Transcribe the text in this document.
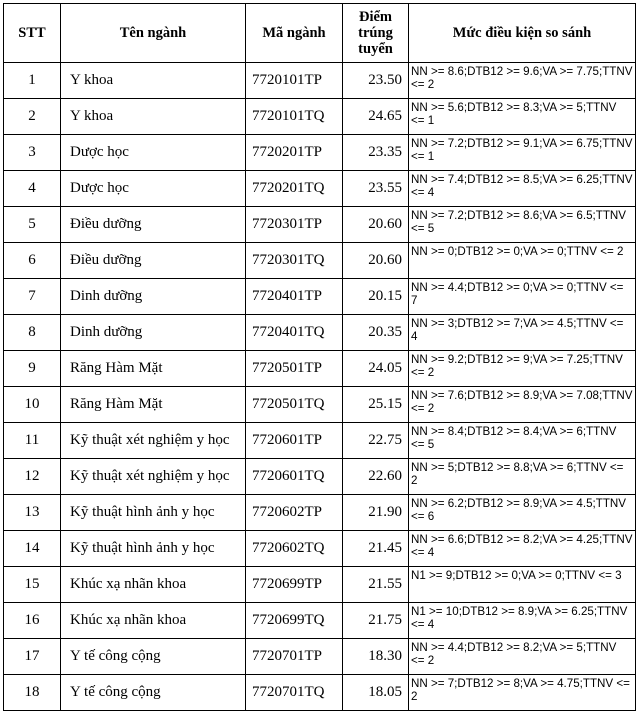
STT	Tên ngành	Mã ngành	Điểm
trúng
tuyển	Mức điều kiện so sánh
1	Y khoa	7720101TP	23.50	NN >= 8.6;DTB12 >= 9.6;VA >= 7.75;TTNV <= 2
2	Y khoa	7720101TQ	24.65	NN >= 5.6;DTB12 >= 8.3;VA >= 5;TTNV <= 1
3	Dược học	7720201TP	23.35	NN >= 7.2;DTB12 >= 9.1;VA >= 6.75;TTNV <= 1
4	Dược học	7720201TQ	23.55	NN >= 7.4;DTB12 >= 8.5;VA >= 6.25;TTNV <= 4
5	Điều dưỡng	7720301TP	20.60	NN >= 7.2;DTB12 >= 8.6;VA >= 6.5;TTNV <= 5
6	Điều dưỡng	7720301TQ	20.60	NN >= 0;DTB12 >= 0;VA >= 0;TTNV <= 2
7	Dinh dưỡng	7720401TP	20.15	NN >= 4.4;DTB12 >= 0;VA >= 0;TTNV <= 7
8	Dinh dưỡng	7720401TQ	20.35	NN >= 3;DTB12 >= 7;VA >= 4.5;TTNV <= 4
9	Răng Hàm Mặt	7720501TP	24.05	NN >= 9.2;DTB12 >= 9;VA >= 7.25;TTNV <= 2
10	Răng Hàm Mặt	7720501TQ	25.15	NN >= 7.6;DTB12 >= 8.9;VA >= 7.08;TTNV <= 2
11	Kỹ thuật xét nghiệm y học	7720601TP	22.75	NN >= 8.4;DTB12 >= 8.4;VA >= 6;TTNV <= 5
12	Kỹ thuật xét nghiệm y học	7720601TQ	22.60	NN >= 5;DTB12 >= 8.8;VA >= 6;TTNV <= 2
13	Kỹ thuật hình ảnh y học	7720602TP	21.90	NN >= 6.2;DTB12 >= 8.9;VA >= 4.5;TTNV <= 6
14	Kỹ thuật hình ảnh y học	7720602TQ	21.45	NN >= 6.6;DTB12 >= 8.2;VA >= 4.25;TTNV <= 4
15	Khúc xạ nhãn khoa	7720699TP	21.55	N1 >= 9;DTB12 >= 0;VA >= 0;TTNV <= 3
16	Khúc xạ nhãn khoa	7720699TQ	21.75	N1 >= 10;DTB12 >= 8.9;VA >= 6.25;TTNV <= 4
17	Y tế công cộng	7720701TP	18.30	NN >= 4.4;DTB12 >= 8.2;VA >= 5;TTNV <= 2
18	Y tế công cộng	7720701TQ	18.05	NN >= 7;DTB12 >= 8;VA >= 4.75;TTNV <= 2
